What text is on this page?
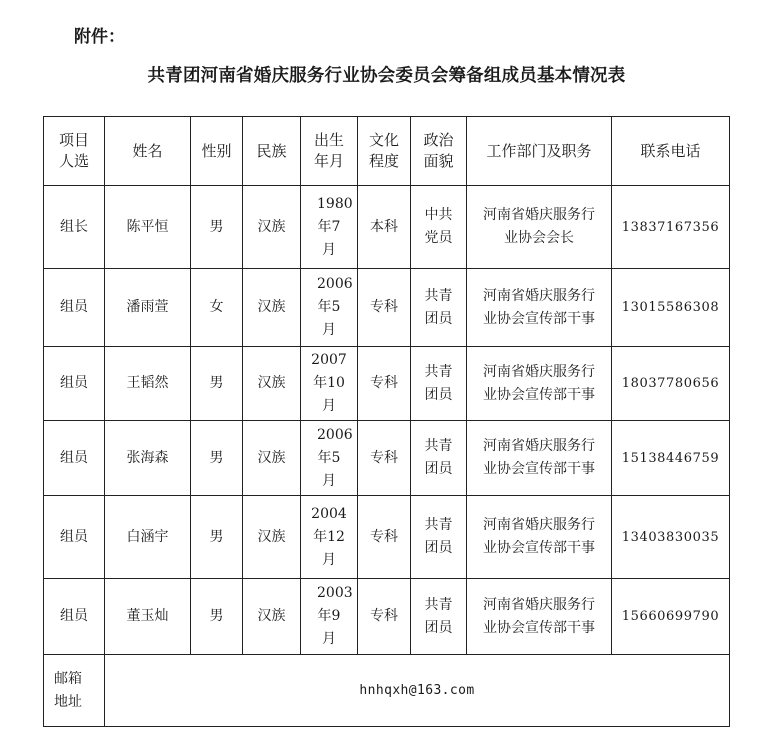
附件：
共青团河南省婚庆服务行业协会委员会筹备组成员基本情况表
项目人选	姓名	性别	民族	出生年月	文化程度	政治面貌	工作部门及职务	联系电话
组长	陈平恒	男	汉族	1980年7月	本科	中共党员	河南省婚庆服务行业协会会长	13837167356
组员	潘雨萱	女	汉族	2006年5月	专科	共青团员	河南省婚庆服务行业协会宣传部干事	13015586308
组员	王韬然	男	汉族	2007年10月	专科	共青团员	河南省婚庆服务行业协会宣传部干事	18037780656
组员	张海森	男	汉族	2006年5月	专科	共青团员	河南省婚庆服务行业协会宣传部干事	15138446759
组员	白涵宇	男	汉族	2004年12月	专科	共青团员	河南省婚庆服务行业协会宣传部干事	13403830035
组员	董玉灿	男	汉族	2003年9月	专科	共青团员	河南省婚庆服务行业协会宣传部干事	15660699790
邮箱地址	hnhqxh@163.com							
